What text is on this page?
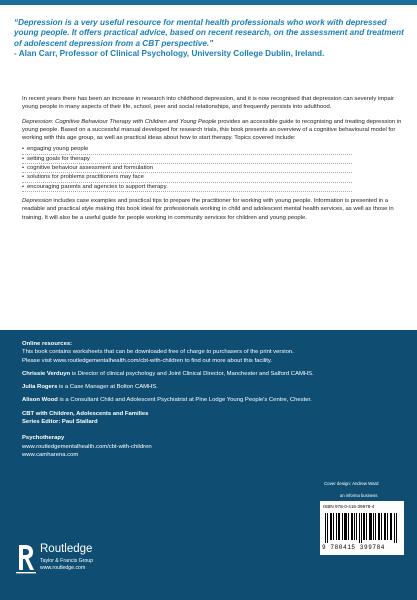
“Depression is a very useful resource for mental health professionals who work with depressed young people. It offers practical advice, based on recent research, on the assessment and treatment of adolescent depression from a CBT perspective."
- Alan Carr, Professor of Clinical Psychology, University College Dublin, Ireland.

In recent years there has been an increase in research into childhood depression, and it is now recognised that depression can severely impair young people in many aspects of their life, school, peer and social relationships, and frequently persists into adulthood.

Depression: Cognitive Behaviour Therapy with Children and Young People provides an accessible guide to recognising and treating depression in young people. Based on a successful manual developed for research trials, this book presents an overview of a cognitive behavioural model for working with this age group, as well as practical ideas about how to start therapy. Topics covered include:

• engaging young people
• setting goals for therapy
• cognitive behaviour assessment and formulation
• solutions for problems practitioners may face
• encouraging parents and agencies to support therapy.

Depression includes case examples and practical tips to prepare the practitioner for working with young people. Information is presented in a readable and practical style making this book ideal for professionals working in child and adolescent mental health services, as well as those in training. It will also be a useful guide for people working in community services for children and young people.

Online resources:
This book contains worksheets that can be downloaded free of charge to purchasers of the print version.
Please visit www.routledgementalhealth.com/cbt-with-children to find out more about this facility.
Chrissie Verduyn is Director of clinical psychology and Joint Clinical Director, Manchester and Salford CAMHS.
Julia Rogers is a Case Manager at Bolton CAMHS.
Alison Wood is a Consultant Child and Adolescent Psychiatrist at Pine Lodge Young People's Centre, Chester.
CBT with Children, Adolescents and Families
Series Editor: Paul Stallard
Psychotherapy
www.routledgementalhealth.com/cbt-with-children
www.camharena.com
Cover design: Andrew Ward
an informa business
ISBN 978-0-415-39978-4
9 780415 399784
Routledge
Taylor & Francis Group
www.routledge.com
